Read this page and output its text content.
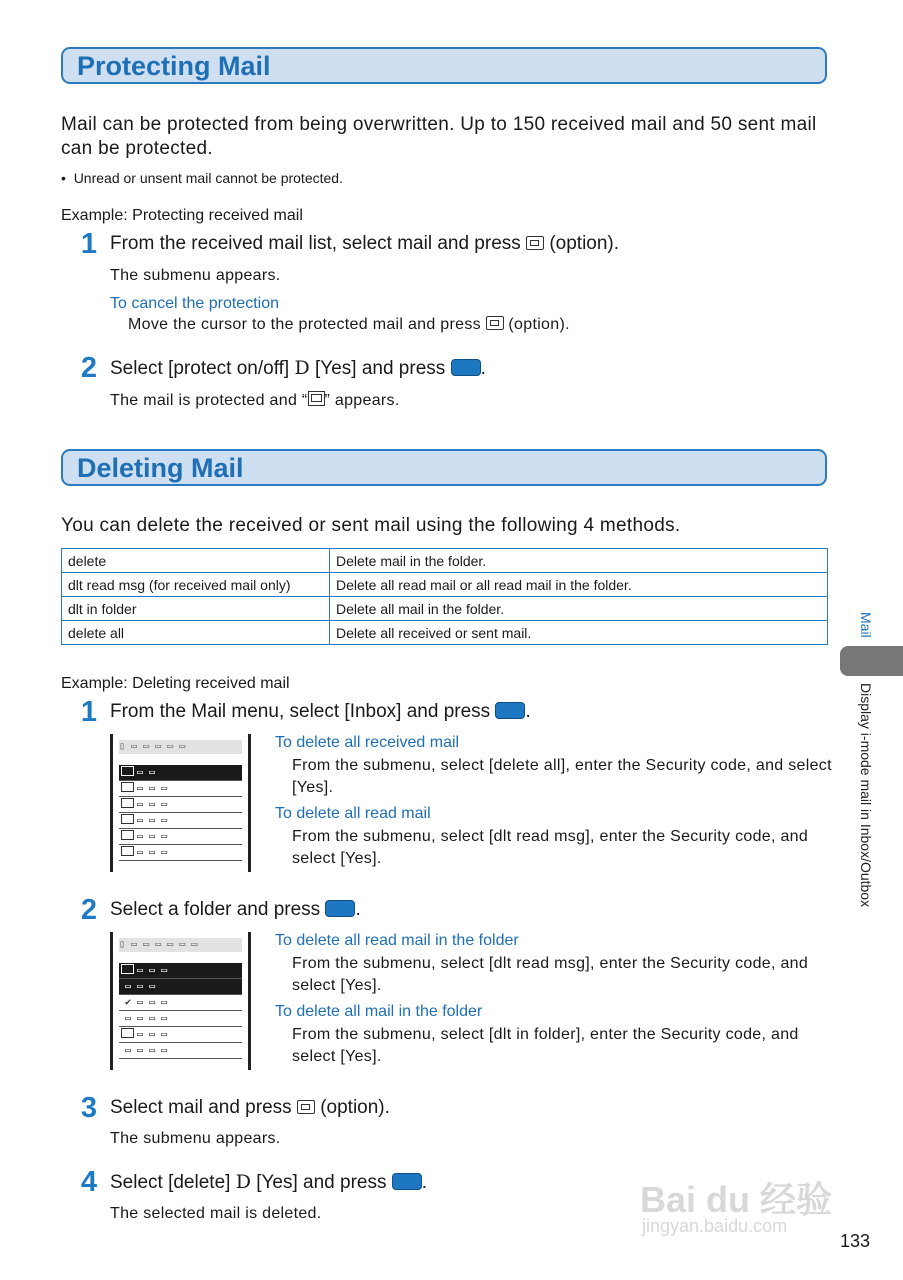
Protecting Mail
Mail can be protected from being overwritten. Up to 150 received mail and 50 sent mail can be protected.
•  Unread or unsent mail cannot be protected.
Example: Protecting received mail
1 From the received mail list, select mail and press  (option).
The submenu appears.
To cancel the protection
Move the cursor to the protected mail and press  (option).
2 Select [protect on/off] D [Yes] and press .
The mail is protected and “ ” appears.
Deleting Mail
You can delete the received or sent mail using the following 4 methods.
delete	Delete mail in the folder.
dlt read msg (for received mail only)	Delete all read mail or all read mail in the folder.
dlt in folder	Delete all mail in the folder.
delete all	Delete all received or sent mail.
Example: Deleting received mail
1 From the Mail menu, select [Inbox] and press .
▯ ▭ ▭ ▭ ▭ ▭
▭ ▭
▭ ▭ ▭
▭ ▭ ▭
▭ ▭ ▭
▭ ▭ ▭
▭ ▭ ▭
To delete all received mail
From the submenu, select [delete all], enter the Security code, and select [Yes].
To delete all read mail
From the submenu, select [dlt read msg], enter the Security code, and select [Yes].
2 Select a folder and press .
▯ ▭ ▭ ▭ ▭ ▭ ▭
▭ ▭ ▭
▭ ▭ ▭
✔ ▭ ▭ ▭
▭ ▭ ▭ ▭
▭ ▭ ▭
▭ ▭ ▭ ▭
To delete all read mail in the folder
From the submenu, select [dlt read msg], enter the Security code, and select [Yes].
To delete all mail in the folder
From the submenu, select [dlt in folder], enter the Security code, and select [Yes].
3 Select mail and press  (option).
The submenu appears.
4 Select [delete] D [Yes] and press .
The selected mail is deleted.
Mail
Display i-mode mail in Inbox/Outbox
Bai du 经验
jingyan.baidu.com
133
